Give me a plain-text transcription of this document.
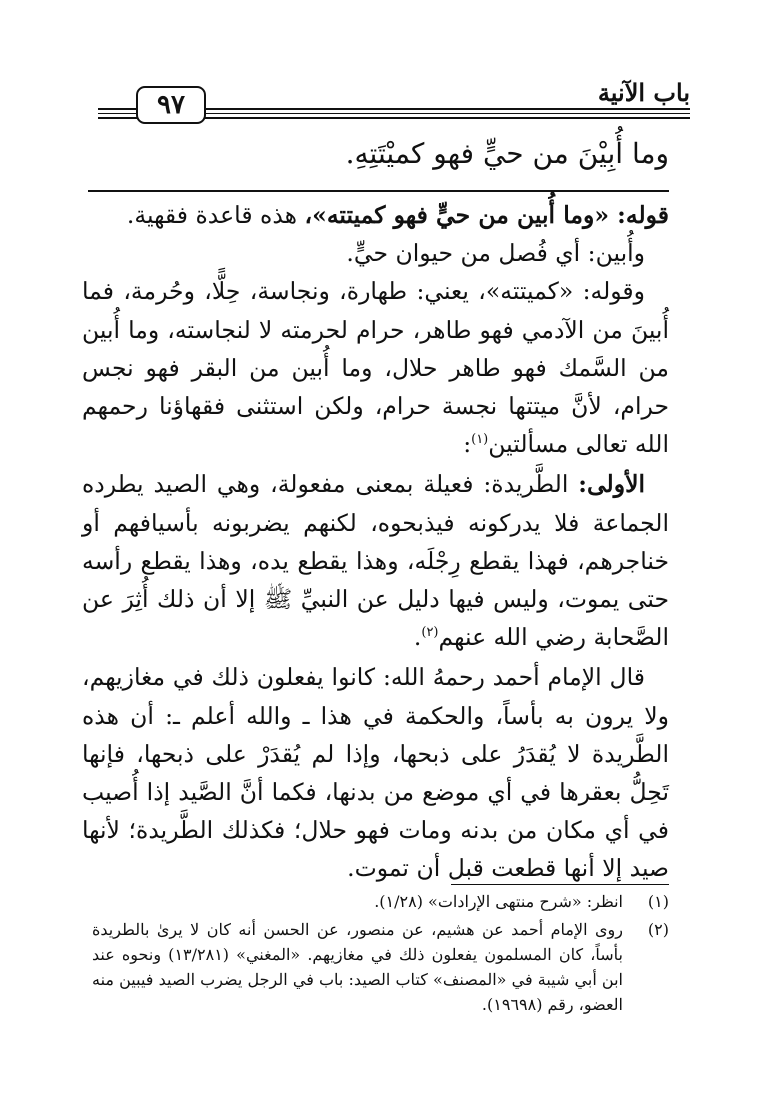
باب الآنية
٩٧
وما أُبِيْنَ من حيٍّ فهو كميْتَتِهِ.

قوله: «وما أُبين من حيٍّ فهو كميتته»، هذه قاعدة فقهية.

وأُبين: أي فُصل من حيوان حيٍّ.

وقوله: «كميتته»، يعني: طهارة، ونجاسة، حِلًّا، وحُرمة، فما أُبينَ من الآدمي فهو طاهر، حرام لحرمته لا لنجاسته، وما أُبين من السَّمك فهو طاهر حلال، وما أُبين من البقر فهو نجس حرام، لأنَّ ميتتها نجسة حرام، ولكن استثنى فقهاؤنا رحمهم الله تعالى مسألتين$^{(١)}$:

الأولى: الطَّريدة: فعيلة بمعنى مفعولة، وهي الصيد يطرده الجماعة فلا يدركونه فيذبحوه، لكنهم يضربونه بأسيافهم أو خناجرهم، فهذا يقطع رِجْلَه، وهذا يقطع يده، وهذا يقطع رأسه حتى يموت، وليس فيها دليل عن النبيِّ ﷺ إلا أن ذلك أُثِرَ عن الصَّحابة رضي الله عنهم$^{(٢)}$.

قال الإمام أحمد رحمهُ الله: كانوا يفعلون ذلك في مغازيهم، ولا يرون به بأساً، والحكمة في هذا ـ والله أعلم ـ: أن هذه الطَّريدة لا يُقدَرُ على ذبحها، وإذا لم يُقدَرْ على ذبحها، فإنها تَحِلُّ بعقرها في أي موضع من بدنها، فكما أنَّ الصَّيد إذا أُصيب في أي مكان من بدنه ومات فهو حلال؛ فكذلك الطَّريدة؛ لأنها صيد إلا أنها قطعت قبل أن تموت.

(١)
انظر: «شرح منتهى الإرادات» (١/٢٨).
(٢)
روى الإمام أحمد عن هشيم، عن منصور، عن الحسن أنه كان لا يرىٰ بالطريدة بأساً، كان المسلمون يفعلون ذلك في مغازيهم. «المغني» (١٣/٢٨١) ونحوه عند ابن أبي شيبة في «المصنف» كتاب الصيد: باب في الرجل يضرب الصيد فيبين منه العضو، رقم (١٩٦٩٨).
